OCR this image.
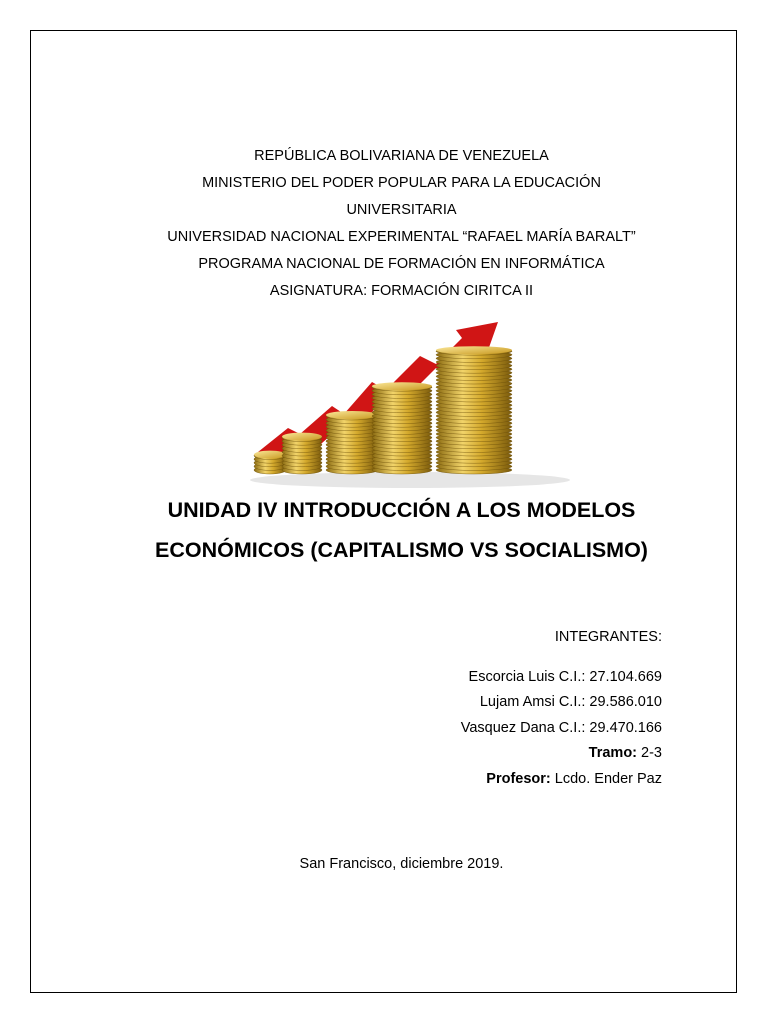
REPÚBLICA BOLIVARIANA DE VENEZUELA
MINISTERIO DEL PODER POPULAR PARA LA EDUCACIÓN
UNIVERSITARIA
UNIVERSIDAD NACIONAL EXPERIMENTAL “RAFAEL MARÍA BARALT”
PROGRAMA NACIONAL DE FORMACIÓN EN INFORMÁTICA
ASIGNATURA: FORMACIÓN CIRITCA II
UNIDAD IV INTRODUCCIÓN A LOS MODELOS
ECONÓMICOS (CAPITALISMO VS SOCIALISMO)
INTEGRANTES:
Escorcia Luis C.I.: 27.104.669
Lujam Amsi C.I.: 29.586.010
Vasquez Dana C.I.: 29.470.166
Tramo: 2-3
Profesor: Lcdo. Ender Paz
San Francisco, diciembre 2019.
